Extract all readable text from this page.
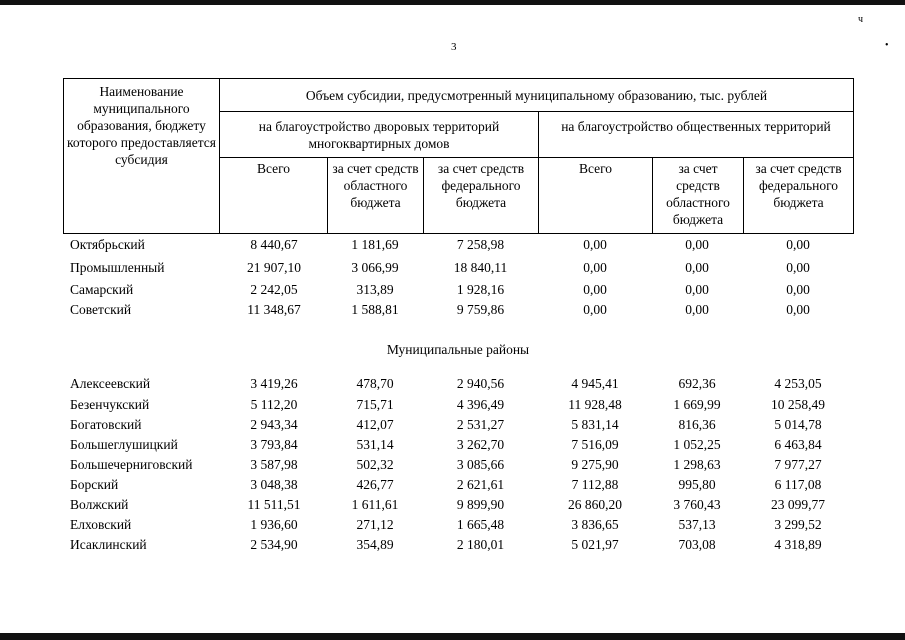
ч
•
3
Наименование муниципального образования, бюджету которого предоставляется субсидия	Объем субсидии, предусмотренный муниципальному образованию, тыс. рублей					
	на благоустройство дворовых территорий многоквартирных домов			на благоустройство общественных территорий		
	Всего	за счет средств областного бюджета	за счет средств федерального бюджета	Всего	за счет средств областного бюджета	за счет средств федерального бюджета
Октябрьский	8 440,67	1 181,69	7 258,98	0,00	0,00	0,00
Промышленный	21 907,10	3 066,99	18 840,11	0,00	0,00	0,00
Самарский	2 242,05	313,89	1 928,16	0,00	0,00	0,00
Советский	11 348,67	1 588,81	9 759,86	0,00	0,00	0,00
Муниципальные районы
Алексеевский	3 419,26	478,70	2 940,56	4 945,41	692,36	4 253,05
Безенчукский	5 112,20	715,71	4 396,49	11 928,48	1 669,99	10 258,49
Богатовский	2 943,34	412,07	2 531,27	5 831,14	816,36	5 014,78
Большеглушицкий	3 793,84	531,14	3 262,70	7 516,09	1 052,25	6 463,84
Большечерниговский	3 587,98	502,32	3 085,66	9 275,90	1 298,63	7 977,27
Борский	3 048,38	426,77	2 621,61	7 112,88	995,80	6 117,08
Волжский	11 511,51	1 611,61	9 899,90	26 860,20	3 760,43	23 099,77
Елховский	1 936,60	271,12	1 665,48	3 836,65	537,13	3 299,52
Исаклинский	2 534,90	354,89	2 180,01	5 021,97	703,08	4 318,89
